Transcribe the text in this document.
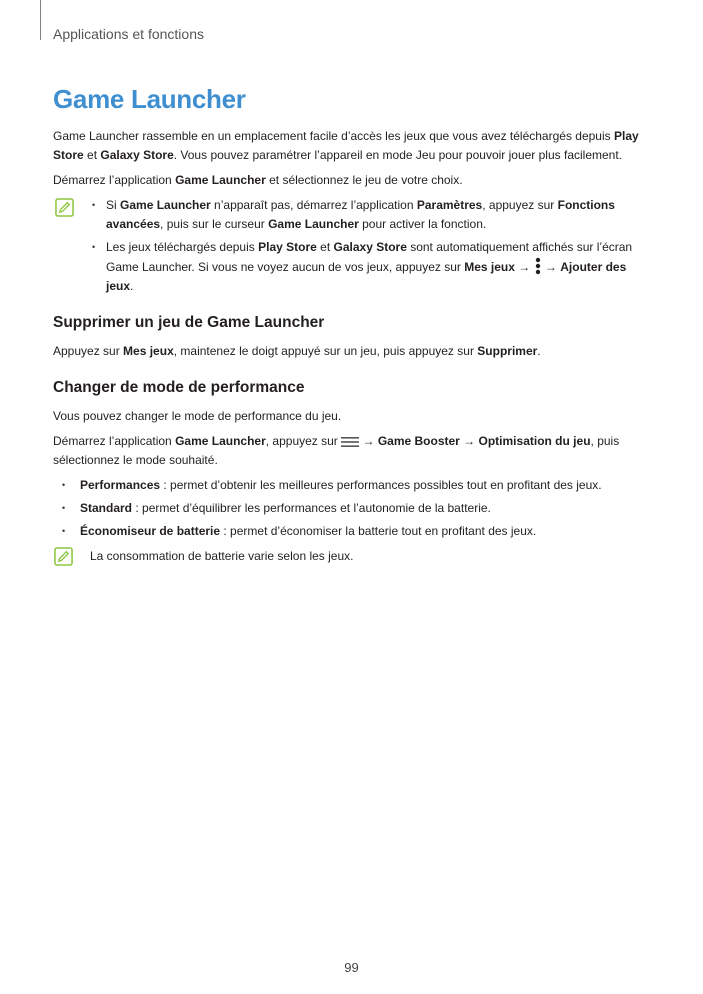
Applications et fonctions
Game Launcher

Game Launcher rassemble en un emplacement facile d’accès les jeux que vous avez téléchargés depuis Play Store et Galaxy Store. Vous pouvez paramétrer l’appareil en mode Jeu pour pouvoir jouer plus facilement.

Démarrez l’application Game Launcher et sélectionnez le jeu de votre choix.

• Si Game Launcher n’apparaît pas, démarrez l’application Paramètres, appuyez sur Fonctions avancées, puis sur le curseur Game Launcher pour activer la fonction.
• Les jeux téléchargés depuis Play Store et Galaxy Store sont automatiquement affichés sur l’écran Game Launcher. Si vous ne voyez aucun de vos jeux, appuyez sur Mes jeux →  → Ajouter des jeux.
Supprimer un jeu de Game Launcher

Appuyez sur Mes jeux, maintenez le doigt appuyé sur un jeu, puis appuyez sur Supprimer.

Changer de mode de performance

Vous pouvez changer le mode de performance du jeu.

Démarrez l’application Game Launcher, appuyez sur  → Game Booster → Optimisation du jeu, puis sélectionnez le mode souhaité.

• Performances : permet d’obtenir les meilleures performances possibles tout en profitant des jeux.
• Standard : permet d’équilibrer les performances et l’autonomie de la batterie.
• Économiseur de batterie : permet d’économiser la batterie tout en profitant des jeux.
La consommation de batterie varie selon les jeux.
99
